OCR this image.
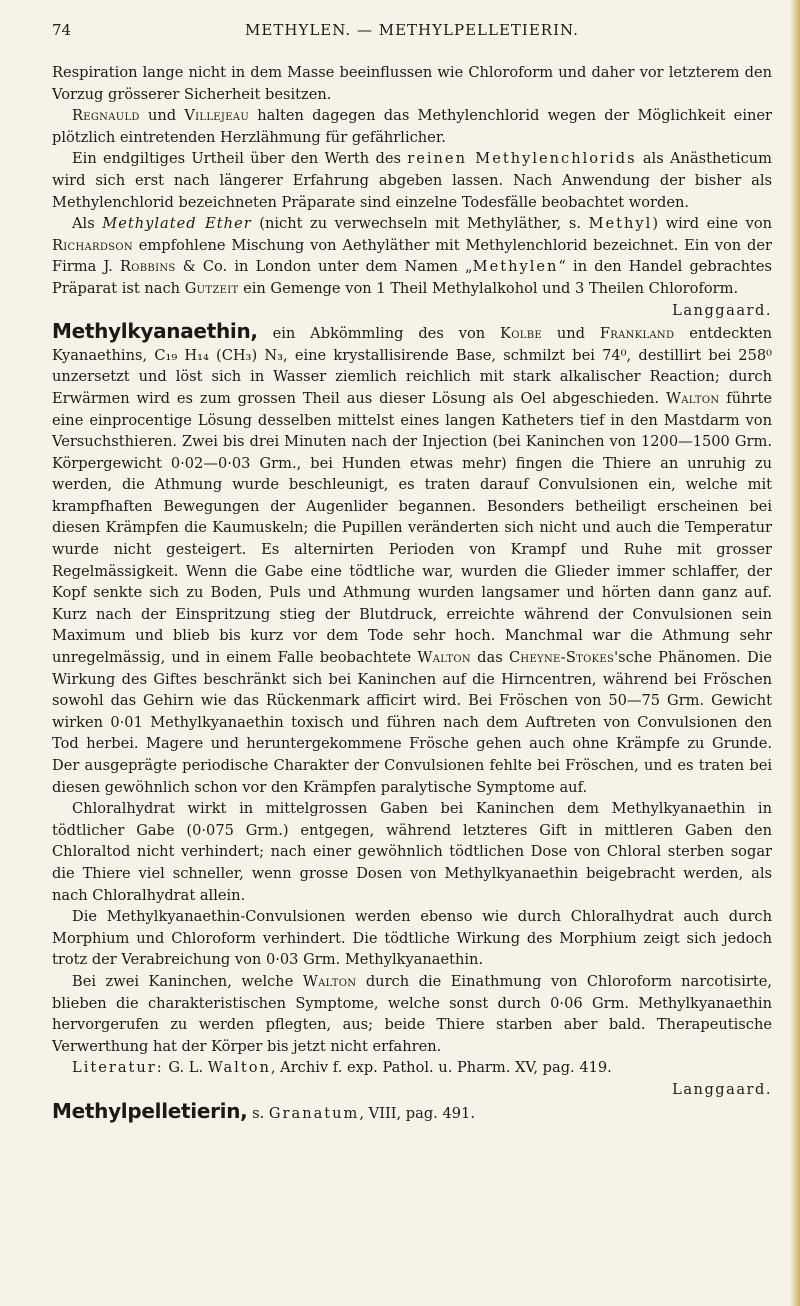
74	METHYLEN. — METHYLPELLETIERIN.

Respiration lange nicht in dem Masse beeinflussen wie Chloroform und daher vor letzterem den Vorzug grösserer Sicherheit besitzen.

Regnauld und Villejeau halten dagegen das Methylenchlorid wegen der Möglichkeit einer plötzlich eintretenden Herzlähmung für gefährlicher.

Ein endgiltiges Urtheil über den Werth des reinen Methylenchlorids als Anästheticum wird sich erst nach längerer Erfahrung abgeben lassen. Nach Anwendung der bisher als Methylenchlorid bezeichneten Präparate sind einzelne Todesfälle beobachtet worden.

Als Methylated Ether (nicht zu verwechseln mit Methyläther, s. Methyl) wird eine von Richardson empfohlene Mischung von Aethyläther mit Methylenchlorid bezeichnet. Ein von der Firma J. Robbins & Co. in London unter dem Namen „Methylen“ in den Handel gebrachtes Präparat ist nach Gutzeit ein Gemenge von 1 Theil Methylalkohol und 3 Theilen Chloroform.

Langgaard.

Methylkyanaethin, ein Abkömmling des von Kolbe und Frankland entdeckten Kyanaethins, C₁₉ H₁₄ (CH₃) N₃, eine krystallisirende Base, schmilzt bei 74⁰, destillirt bei 258⁰ unzersetzt und löst sich in Wasser ziemlich reichlich mit stark alkalischer Reaction; durch Erwärmen wird es zum grossen Theil aus dieser Lösung als Oel abgeschieden. Walton führte eine einprocentige Lösung desselben mittelst eines langen Katheters tief in den Mastdarm von Versuchsthieren. Zwei bis drei Minuten nach der Injection (bei Kaninchen von 1200—1500 Grm. Körpergewicht 0·02—0·03 Grm., bei Hunden etwas mehr) fingen die Thiere an unruhig zu werden, die Athmung wurde beschleunigt, es traten darauf Convulsionen ein, welche mit krampfhaften Bewegungen der Augenlider begannen. Besonders betheiligt erscheinen bei diesen Krämpfen die Kaumuskeln; die Pupillen veränderten sich nicht und auch die Temperatur wurde nicht gesteigert. Es alternirten Perioden von Krampf und Ruhe mit grosser Regelmässigkeit. Wenn die Gabe eine tödtliche war, wurden die Glieder immer schlaffer, der Kopf senkte sich zu Boden, Puls und Athmung wurden langsamer und hörten dann ganz auf. Kurz nach der Einspritzung stieg der Blutdruck, erreichte während der Convulsionen sein Maximum und blieb bis kurz vor dem Tode sehr hoch. Manchmal war die Athmung sehr unregelmässig, und in einem Falle beobachtete Walton das Cheyne-Stokes'sche Phänomen. Die Wirkung des Giftes beschränkt sich bei Kaninchen auf die Hirncentren, während bei Fröschen sowohl das Gehirn wie das Rückenmark afficirt wird. Bei Fröschen von 50—75 Grm. Gewicht wirken 0·01 Methylkyanaethin toxisch und führen nach dem Auftreten von Convulsionen den Tod herbei. Magere und heruntergekommene Frösche gehen auch ohne Krämpfe zu Grunde. Der ausgeprägte periodische Charakter der Convulsionen fehlte bei Fröschen, und es traten bei diesen gewöhnlich schon vor den Krämpfen paralytische Symptome auf.

Chloralhydrat wirkt in mittelgrossen Gaben bei Kaninchen dem Methylkyanaethin in tödtlicher Gabe (0·075 Grm.) entgegen, während letzteres Gift in mittleren Gaben den Chloraltod nicht verhindert; nach einer gewöhnlich tödtlichen Dose von Chloral sterben sogar die Thiere viel schneller, wenn grosse Dosen von Methylkyanaethin beigebracht werden, als nach Chloralhydrat allein.

Die Methylkyanaethin-Convulsionen werden ebenso wie durch Chloralhydrat auch durch Morphium und Chloroform verhindert. Die tödtliche Wirkung des Morphium zeigt sich jedoch trotz der Verabreichung von 0·03 Grm. Methylkyanaethin.

Bei zwei Kaninchen, welche Walton durch die Einathmung von Chloroform narcotisirte, blieben die charakteristischen Symptome, welche sonst durch 0·06 Grm. Methylkyanaethin hervorgerufen zu werden pflegten, aus; beide Thiere starben aber bald. Therapeutische Verwerthung hat der Körper bis jetzt nicht erfahren.

Literatur: G. L. Walton, Archiv f. exp. Pathol. u. Pharm. XV, pag. 419.

Langgaard.

Methylpelletierin, s. Granatum, VIII, pag. 491.
